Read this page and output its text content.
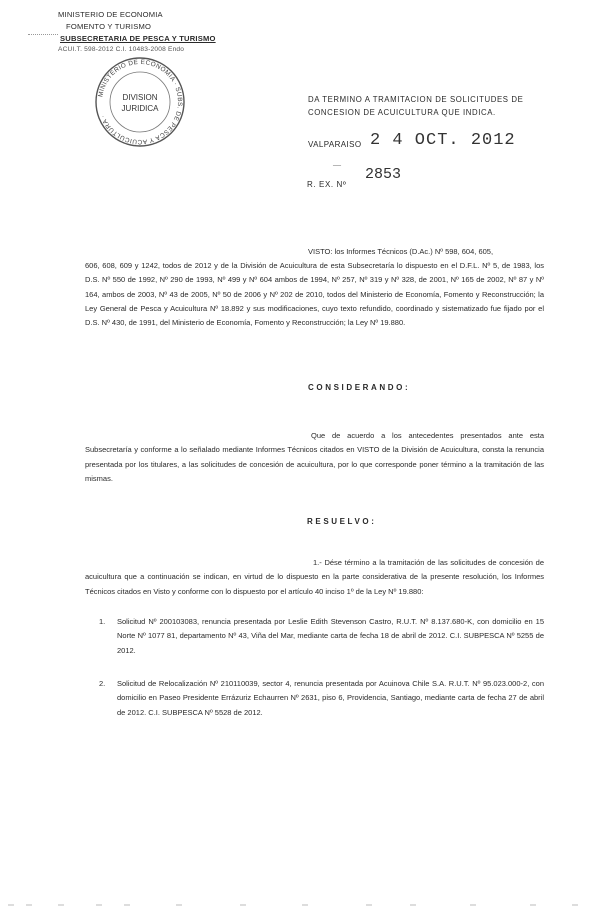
MINISTERIO DE ECONOMIA
FOMENTO Y TURISMO
SUBSECRETARIA DE PESCA Y TURISMO
ACUI.T. 598-2012 C.I. 10483-2008 Endo
MINISTERIO DE ECONOMIA · SUBS. DE PESCA Y ACUICULTURA ·
DIVISION
JURIDICA
DA TERMINO A TRAMITACION DE SOLICITUDES DE CONCESION DE ACUICULTURA QUE INDICA.
VALPARAISO 2 4 OCT. 2012
—
R. EX. Nº
2853
VISTO: los Informes Técnicos (D.Ac.) Nº 598, 604, 605,
606, 608, 609 y 1242, todos de 2012 y de la División de Acuicultura de esta Subsecretaría lo dispuesto en el D.F.L. Nº 5, de 1983, los D.S. Nº 550 de 1992, Nº 290 de 1993, Nº 499 y Nº 604 ambos de 1994, Nº 257, Nº 319 y Nº 328, de 2001, Nº 165 de 2002, Nº 87 y Nº 164, ambos de 2003, Nº 43 de 2005, Nº 50 de 2006 y Nº 202 de 2010, todos del Ministerio de Economía, Fomento y Reconstrucción; la Ley General de Pesca y Acuicultura Nº 18.892 y sus modificaciones, cuyo texto refundido, coordinado y sistematizado fue fijado por el D.S. Nº 430, de 1991, del Ministerio de Economía, Fomento y Reconstrucción; la Ley Nº 19.880.
CONSIDERANDO:
Que de acuerdo a los antecedentes presentados ante esta Subsecretaría y conforme a lo señalado mediante Informes Técnicos citados en VISTO de la División de Acuicultura, consta la renuncia presentada por los titulares, a las solicitudes de concesión de acuicultura, por lo que corresponde poner término a la tramitación de las mismas.
RESUELVO:
1.- Dése término a la tramitación de las solicitudes de concesión de acuicultura que a continuación se indican, en virtud de lo dispuesto en la parte considerativa de la presente resolución, los Informes Técnicos citados en Visto y conforme con lo dispuesto por el artículo 40 inciso 1º de la Ley Nº 19.880:
1. Solicitud Nº 200103083, renuncia presentada por Leslie Edith Stevenson Castro, R.U.T. Nº 8.137.680-K, con domicilio en 15 Norte Nº 1077 81, departamento Nº 43, Viña del Mar, mediante carta de fecha 18 de abril de 2012. C.I. SUBPESCA Nº 5255 de 2012.
2. Solicitud de Relocalización Nº 210110039, sector 4, renuncia presentada por Acuinova Chile S.A. R.U.T. Nº 95.023.000-2, con domicilio en Paseo Presidente Errázuriz Echaurren Nº 2631, piso 6, Providencia, Santiago, mediante carta de fecha 27 de abril de 2012. C.I. SUBPESCA Nº 5528 de 2012.
